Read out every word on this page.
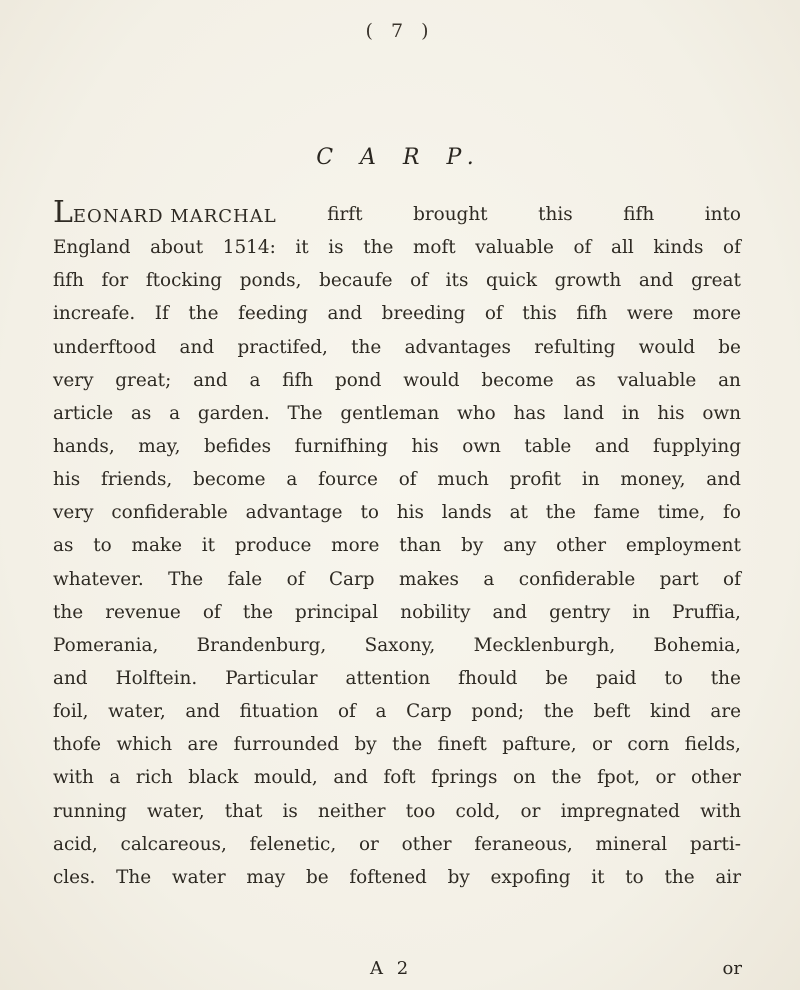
( 7 )
C A R P.
LEONARD MARCHAL	firft	brought	this	fifh	into
England about 1514: it is the moft valuable of all kinds of
fifh for ftocking ponds, becaufe of its quick growth and great
increafe. If the feeding and breeding of this fifh were more
underftood and practifed, the advantages refulting would be
very great; and a fifh pond would become as valuable an
article as a garden. The gentleman who has land in his own
hands, may, befides furnifhing his own table and fupplying
his friends, become a fource of much profit in money, and
very confiderable advantage to his lands at the fame time, fo
as to make it produce more than by any other employment
whatever. The fale of Carp makes a confiderable part of
the revenue of the principal nobility and gentry in Pruffia,
Pomerania, Brandenburg, Saxony, Mecklenburgh, Bohemia,
and Holftein. Particular attention fhould be paid to the
foil, water, and fituation of a Carp pond; the beft kind are
thofe which are furrounded by the fineft pafture, or corn fields,
with a rich black mould, and foft fprings on the fpot, or other
running water, that is neither too cold, or impregnated with
acid, calcareous, felenetic, or other feraneous, mineral parti-
cles. The water may be foftened by expofing it to the air
A 2	or
